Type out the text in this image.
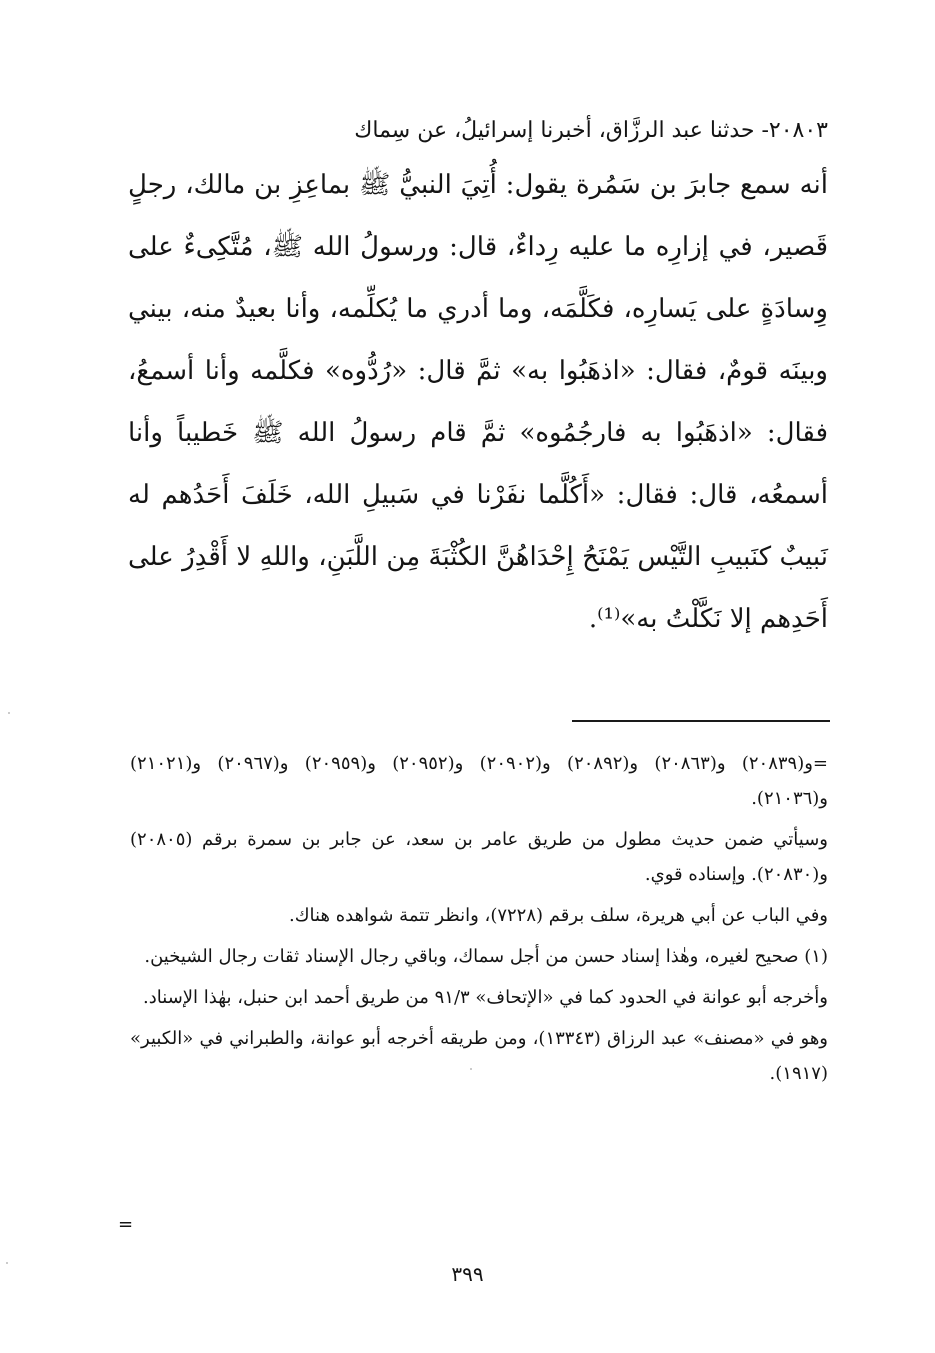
٢٠٨٠٣- حدثنا عبد الرزَّاق، أخبرنا إسرائيلُ، عن سِماك

أنه سمع جابرَ بن سَمُرة يقول: أُتِيَ النبيُّ ﷺ بماعِزِ بن مالك، رجلٍ قَصير، في إزارِه ما عليه رِداءٌ، قال: ورسولُ الله ﷺ، مُتَّكِىءٌ على وِسادَةٍ على يَسارِه، فكَلَّمَه، وما أدري ما يُكلِّمه، وأنا بعيدٌ منه، بيني وبينَه قومٌ، فقال: «اذهَبُوا به» ثمَّ قال: «رُدُّوه» فكلَّمه وأنا أسمعُ، فقال: «اذهَبُوا به فارجُمُوه» ثمَّ قام رسولُ الله ﷺ خَطيباً وأنا أسمعُه، قال: فقال: «أَكُلَّما نفَرْنا في سَبيلِ الله، خَلَفَ أَحَدُهم له نَبيبٌ كنَبيبِ التَّيْس يَمْنَحُ إِحْدَاهُنَّ الكُثْبَةَ مِن اللَّبَنِ، واللهِ لا أَقْدِرُ على أَحَدِهم إلا نَكَّلْتُ به»⁽¹⁾.

=و(٢٠٨٣٩) و(٢٠٨٦٣) و(٢٠٨٩٢) و(٢٠٩٠٢) و(٢٠٩٥٢) و(٢٠٩٥٩) و(٢٠٩٦٧) و(٢١٠٢١) و(٢١٠٣٦).

وسيأتي ضمن حديث مطول من طريق عامر بن سعد، عن جابر بن سمرة برقم (٢٠٨٠٥) و(٢٠٨٣٠). وإسناده قوي.

وفي الباب عن أبي هريرة، سلف برقم (٧٢٢٨)، وانظر تتمة شواهده هناك.

(١) صحيح لغيره، وهٰذا إسناد حسن من أجل سماك، وباقي رجال الإسناد ثقات رجال الشيخين.

وأخرجه أبو عوانة في الحدود كما في «الإتحاف» ٩١/٣ من طريق أحمد ابن حنبل، بهٰذا الإسناد.

وهو في «مصنف» عبد الرزاق (١٣٣٤٣)، ومن طريقه أخرجه أبو عوانة، والطبراني في «الكبير» (١٩١٧).

=
٣٩٩
